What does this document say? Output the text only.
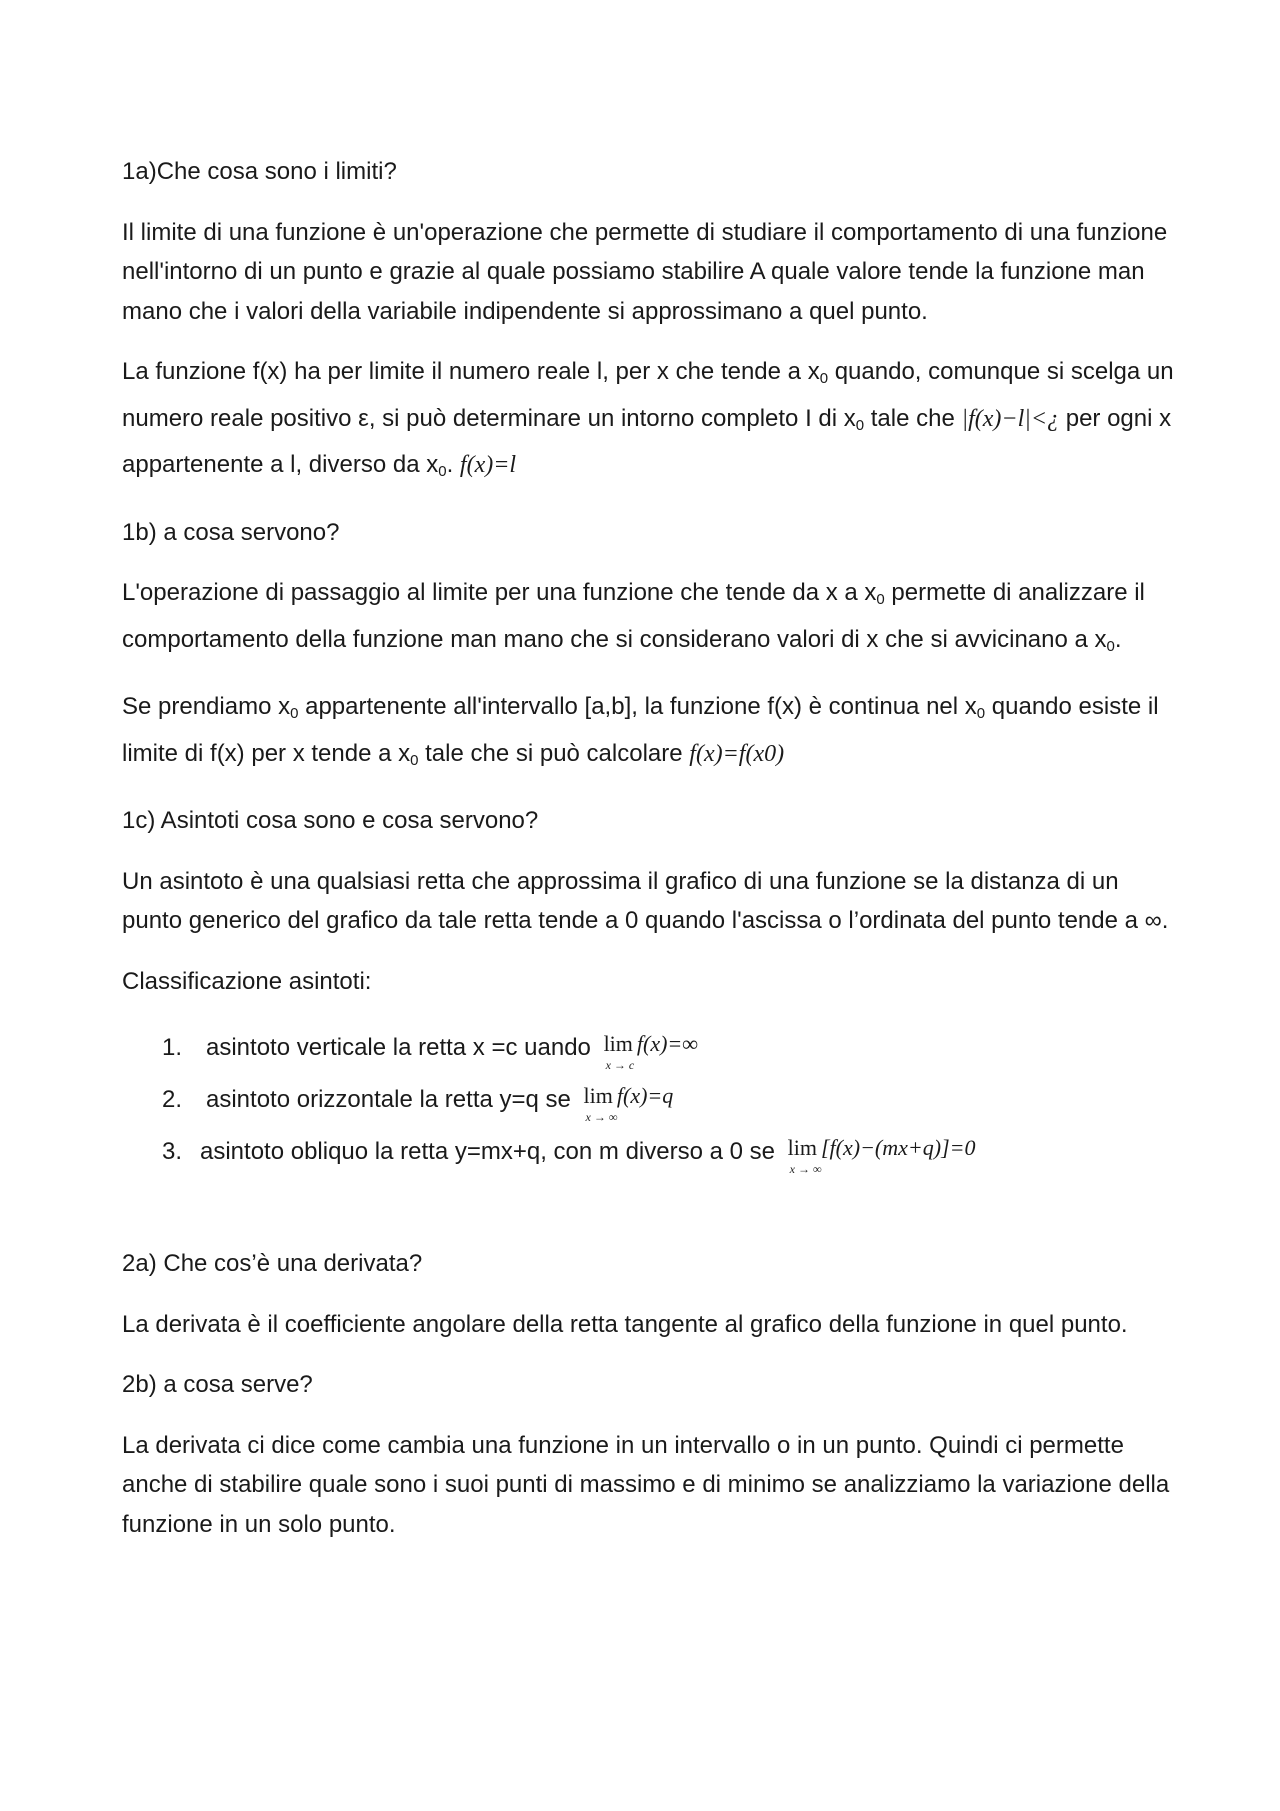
1a)Che cosa sono i limiti?

Il limite di una funzione è un'operazione che permette di studiare il comportamento di una funzione nell'intorno di un punto e grazie al quale possiamo stabilire A quale valore tende la funzione man mano che i valori della variabile indipendente si approssimano a quel punto.

La funzione f(x) ha per limite il numero reale l, per x che tende a $x_0$ quando, comunque si scelga un numero reale positivo ε, si può determinare un intorno completo I di $x_0$ tale che |f(x)−l|<¿ per ogni x appartenente a l, diverso da $x_0$. f(x)=l

1b) a cosa servono?

L'operazione di passaggio al limite per una funzione che tende da x a $x_0$ permette di analizzare il comportamento della funzione man mano che si considerano valori di x che si avvicinano a $x_0$.

Se prendiamo $x_0$ appartenente all'intervallo [a,b], la funzione f(x) è continua nel $x_0$ quando esiste il limite di f(x) per x tende a $x_0$ tale che si può calcolare f(x)=f(x0)

1c) Asintoti cosa sono e cosa servono?

Un asintoto è una qualsiasi retta che approssima il grafico di una funzione se la distanza di un punto generico del grafico da tale retta tende a 0 quando l'ascissa o l’ordinata del punto tende a ∞.

Classificazione asintoti:

1. asintoto verticale la retta x =c uando lim f(x)=∞
x → c
2. asintoto orizzontale la retta y=q se lim f(x)=q
x → ∞
3. asintoto obliquo la retta y=mx+q, con m diverso a 0 se lim [f(x)−(mx+q)]=0
x → ∞

2a) Che cos’è una derivata?

La derivata è il coefficiente angolare della retta tangente al grafico della funzione in quel punto.

2b) a cosa serve?

La derivata ci dice come cambia una funzione in un intervallo o in un punto. Quindi ci permette anche di stabilire quale sono i suoi punti di massimo e di minimo se analizziamo la variazione della funzione in un solo punto.
